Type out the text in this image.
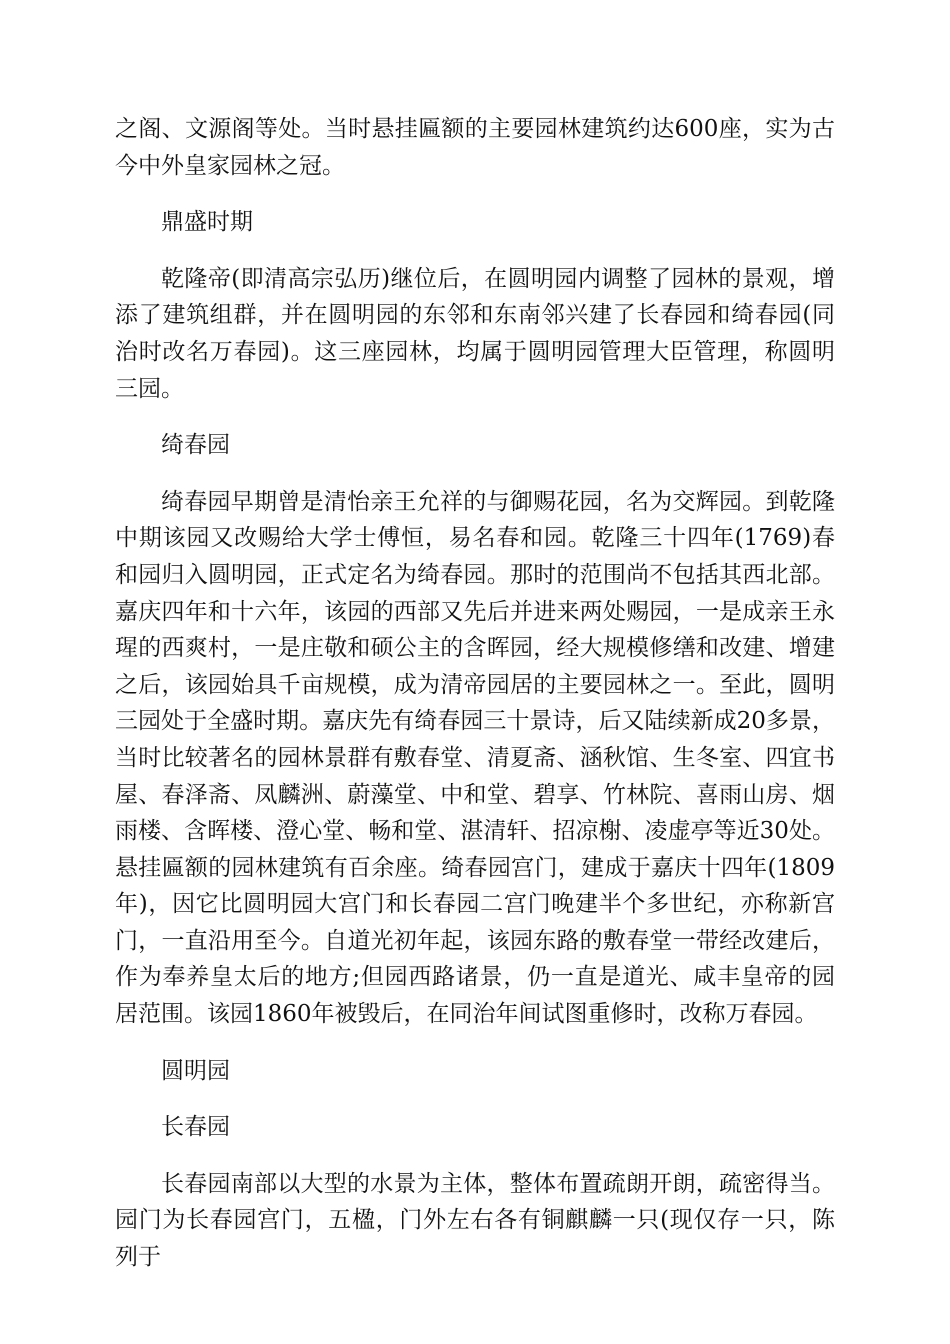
之阁、文源阁等处。当时悬挂匾额的主要园林建筑约达600座，实为古今中外皇家园林之冠。

鼎盛时期

乾隆帝(即清高宗弘历)继位后，在圆明园内调整了园林的景观，增添了建筑组群，并在圆明园的东邻和东南邻兴建了长春园和绮春园(同治时改名万春园)。这三座园林，均属于圆明园管理大臣管理，称圆明三园。

绮春园

绮春园早期曾是清怡亲王允祥的与御赐花园，名为交辉园。到乾隆中期该园又改赐给大学士傅恒，易名春和园。乾隆三十四年(1769)春和园归入圆明园，正式定名为绮春园。那时的范围尚不包括其西北部。嘉庆四年和十六年，该园的西部又先后并进来两处赐园，一是成亲王永瑆的西爽村，一是庄敬和硕公主的含晖园，经大规模修缮和改建、增建之后，该园始具千亩规模，成为清帝园居的主要园林之一。至此，圆明三园处于全盛时期。嘉庆先有绮春园三十景诗，后又陆续新成20多景，当时比较著名的园林景群有敷春堂、清夏斋、涵秋馆、生冬室、四宜书屋、春泽斋、凤麟洲、蔚藻堂、中和堂、碧享、竹林院、喜雨山房、烟雨楼、含晖楼、澄心堂、畅和堂、湛清轩、招凉榭、凌虚亭等近30处。悬挂匾额的园林建筑有百余座。绮春园宫门，建成于嘉庆十四年(1809年)，因它比圆明园大宫门和长春园二宫门晚建半个多世纪，亦称新宫门，一直沿用至今。自道光初年起，该园东路的敷春堂一带经改建后，作为奉养皇太后的地方;但园西路诸景，仍一直是道光、咸丰皇帝的园居范围。该园1860年被毁后，在同治年间试图重修时，改称万春园。

圆明园

长春园

长春园南部以大型的水景为主体，整体布置疏朗开朗，疏密得当。园门为长春园宫门，五楹，门外左右各有铜麒麟一只(现仅存一只，陈列于
